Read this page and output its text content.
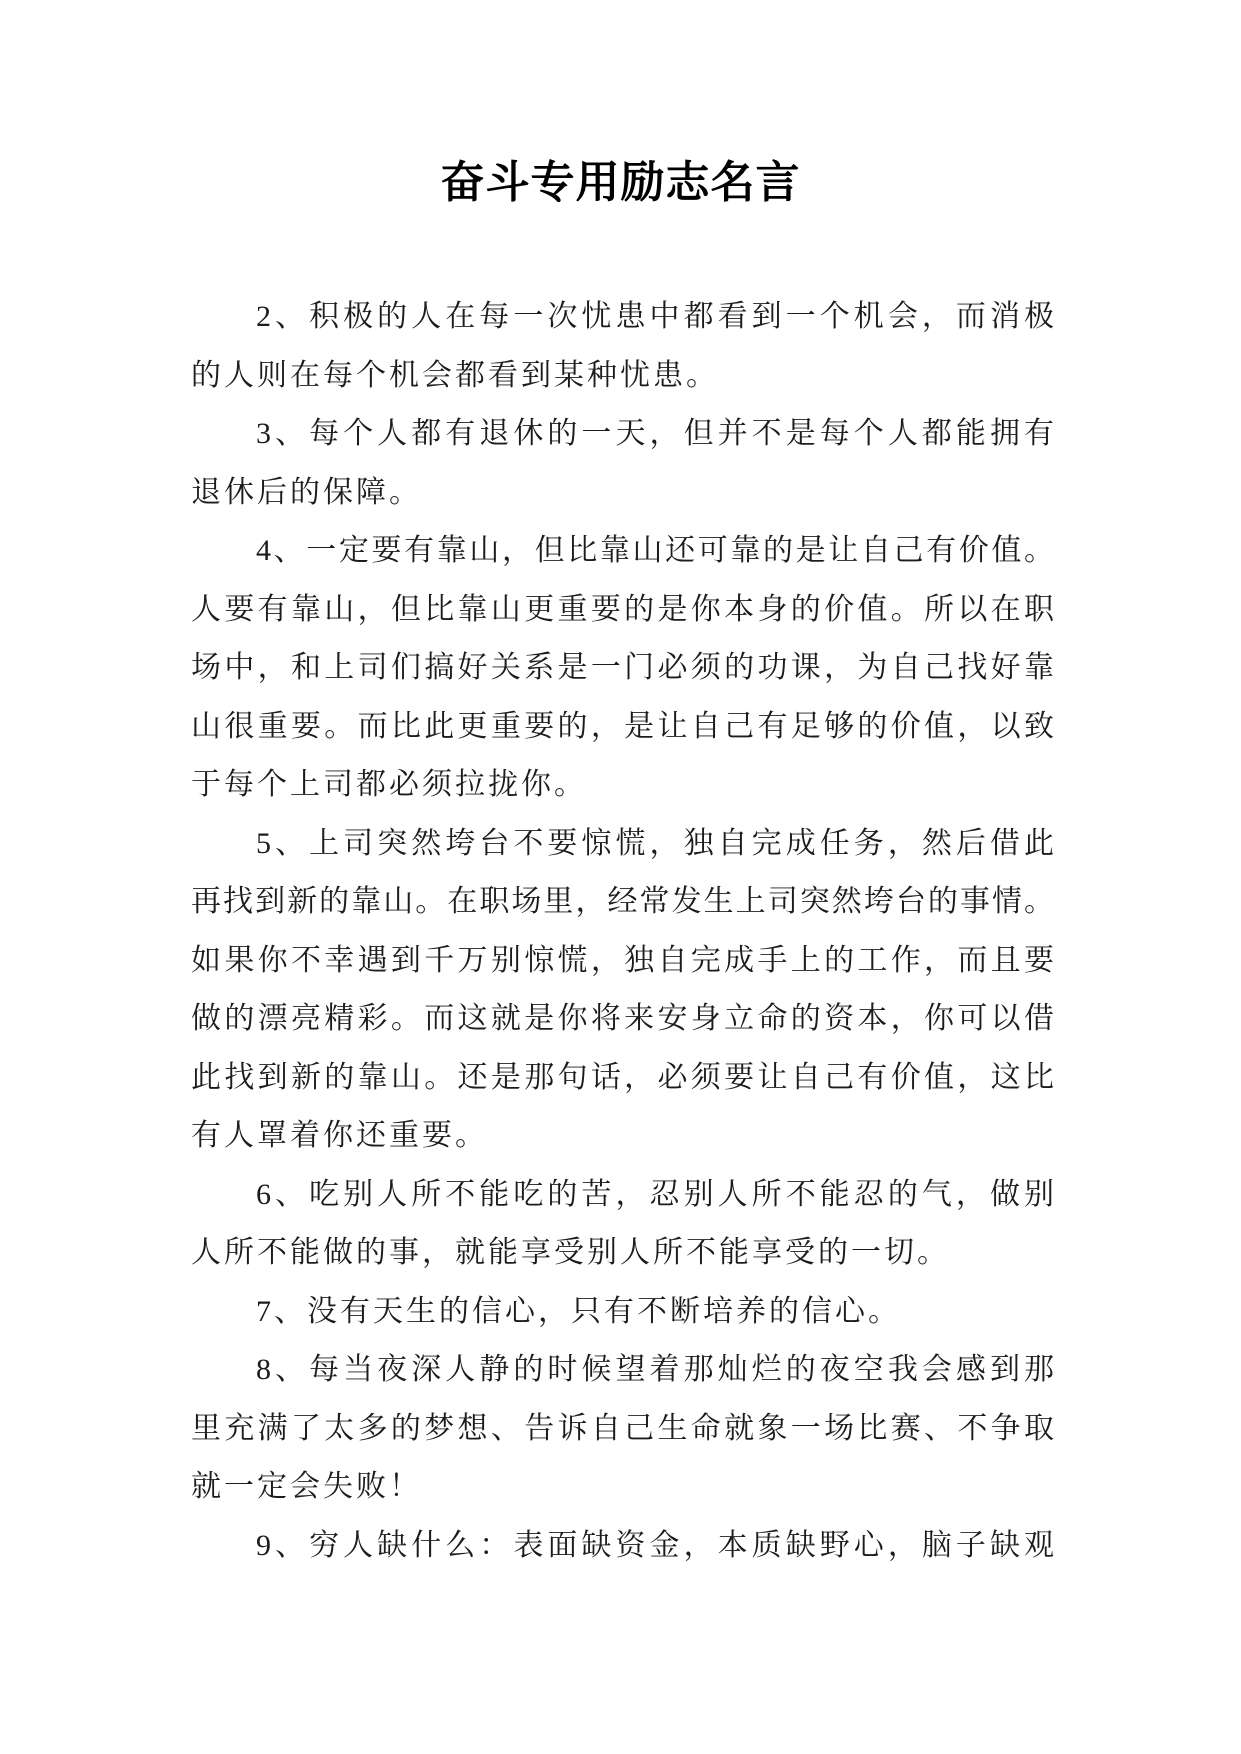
奋斗专用励志名言
2、积极的人在每一次忧患中都看到一个机会，而消极
的人则在每个机会都看到某种忧患。
3、每个人都有退休的一天，但并不是每个人都能拥有
退休后的保障。
4、一定要有靠山，但比靠山还可靠的是让自己有价值。
人要有靠山，但比靠山更重要的是你本身的价值。所以在职
场中，和上司们搞好关系是一门必须的功课，为自己找好靠
山很重要。而比此更重要的，是让自己有足够的价值，以致
于每个上司都必须拉拢你。
5、上司突然垮台不要惊慌，独自完成任务，然后借此
再找到新的靠山。在职场里，经常发生上司突然垮台的事情。
如果你不幸遇到千万别惊慌，独自完成手上的工作，而且要
做的漂亮精彩。而这就是你将来安身立命的资本，你可以借
此找到新的靠山。还是那句话，必须要让自己有价值，这比
有人罩着你还重要。
6、吃别人所不能吃的苦，忍别人所不能忍的气，做别
人所不能做的事，就能享受别人所不能享受的一切。
7、没有天生的信心，只有不断培养的信心。
8、每当夜深人静的时候望着那灿烂的夜空我会感到那
里充满了太多的梦想、告诉自己生命就象一场比赛、不争取
就一定会失败！
9、穷人缺什么：表面缺资金，本质缺野心，脑子缺观
